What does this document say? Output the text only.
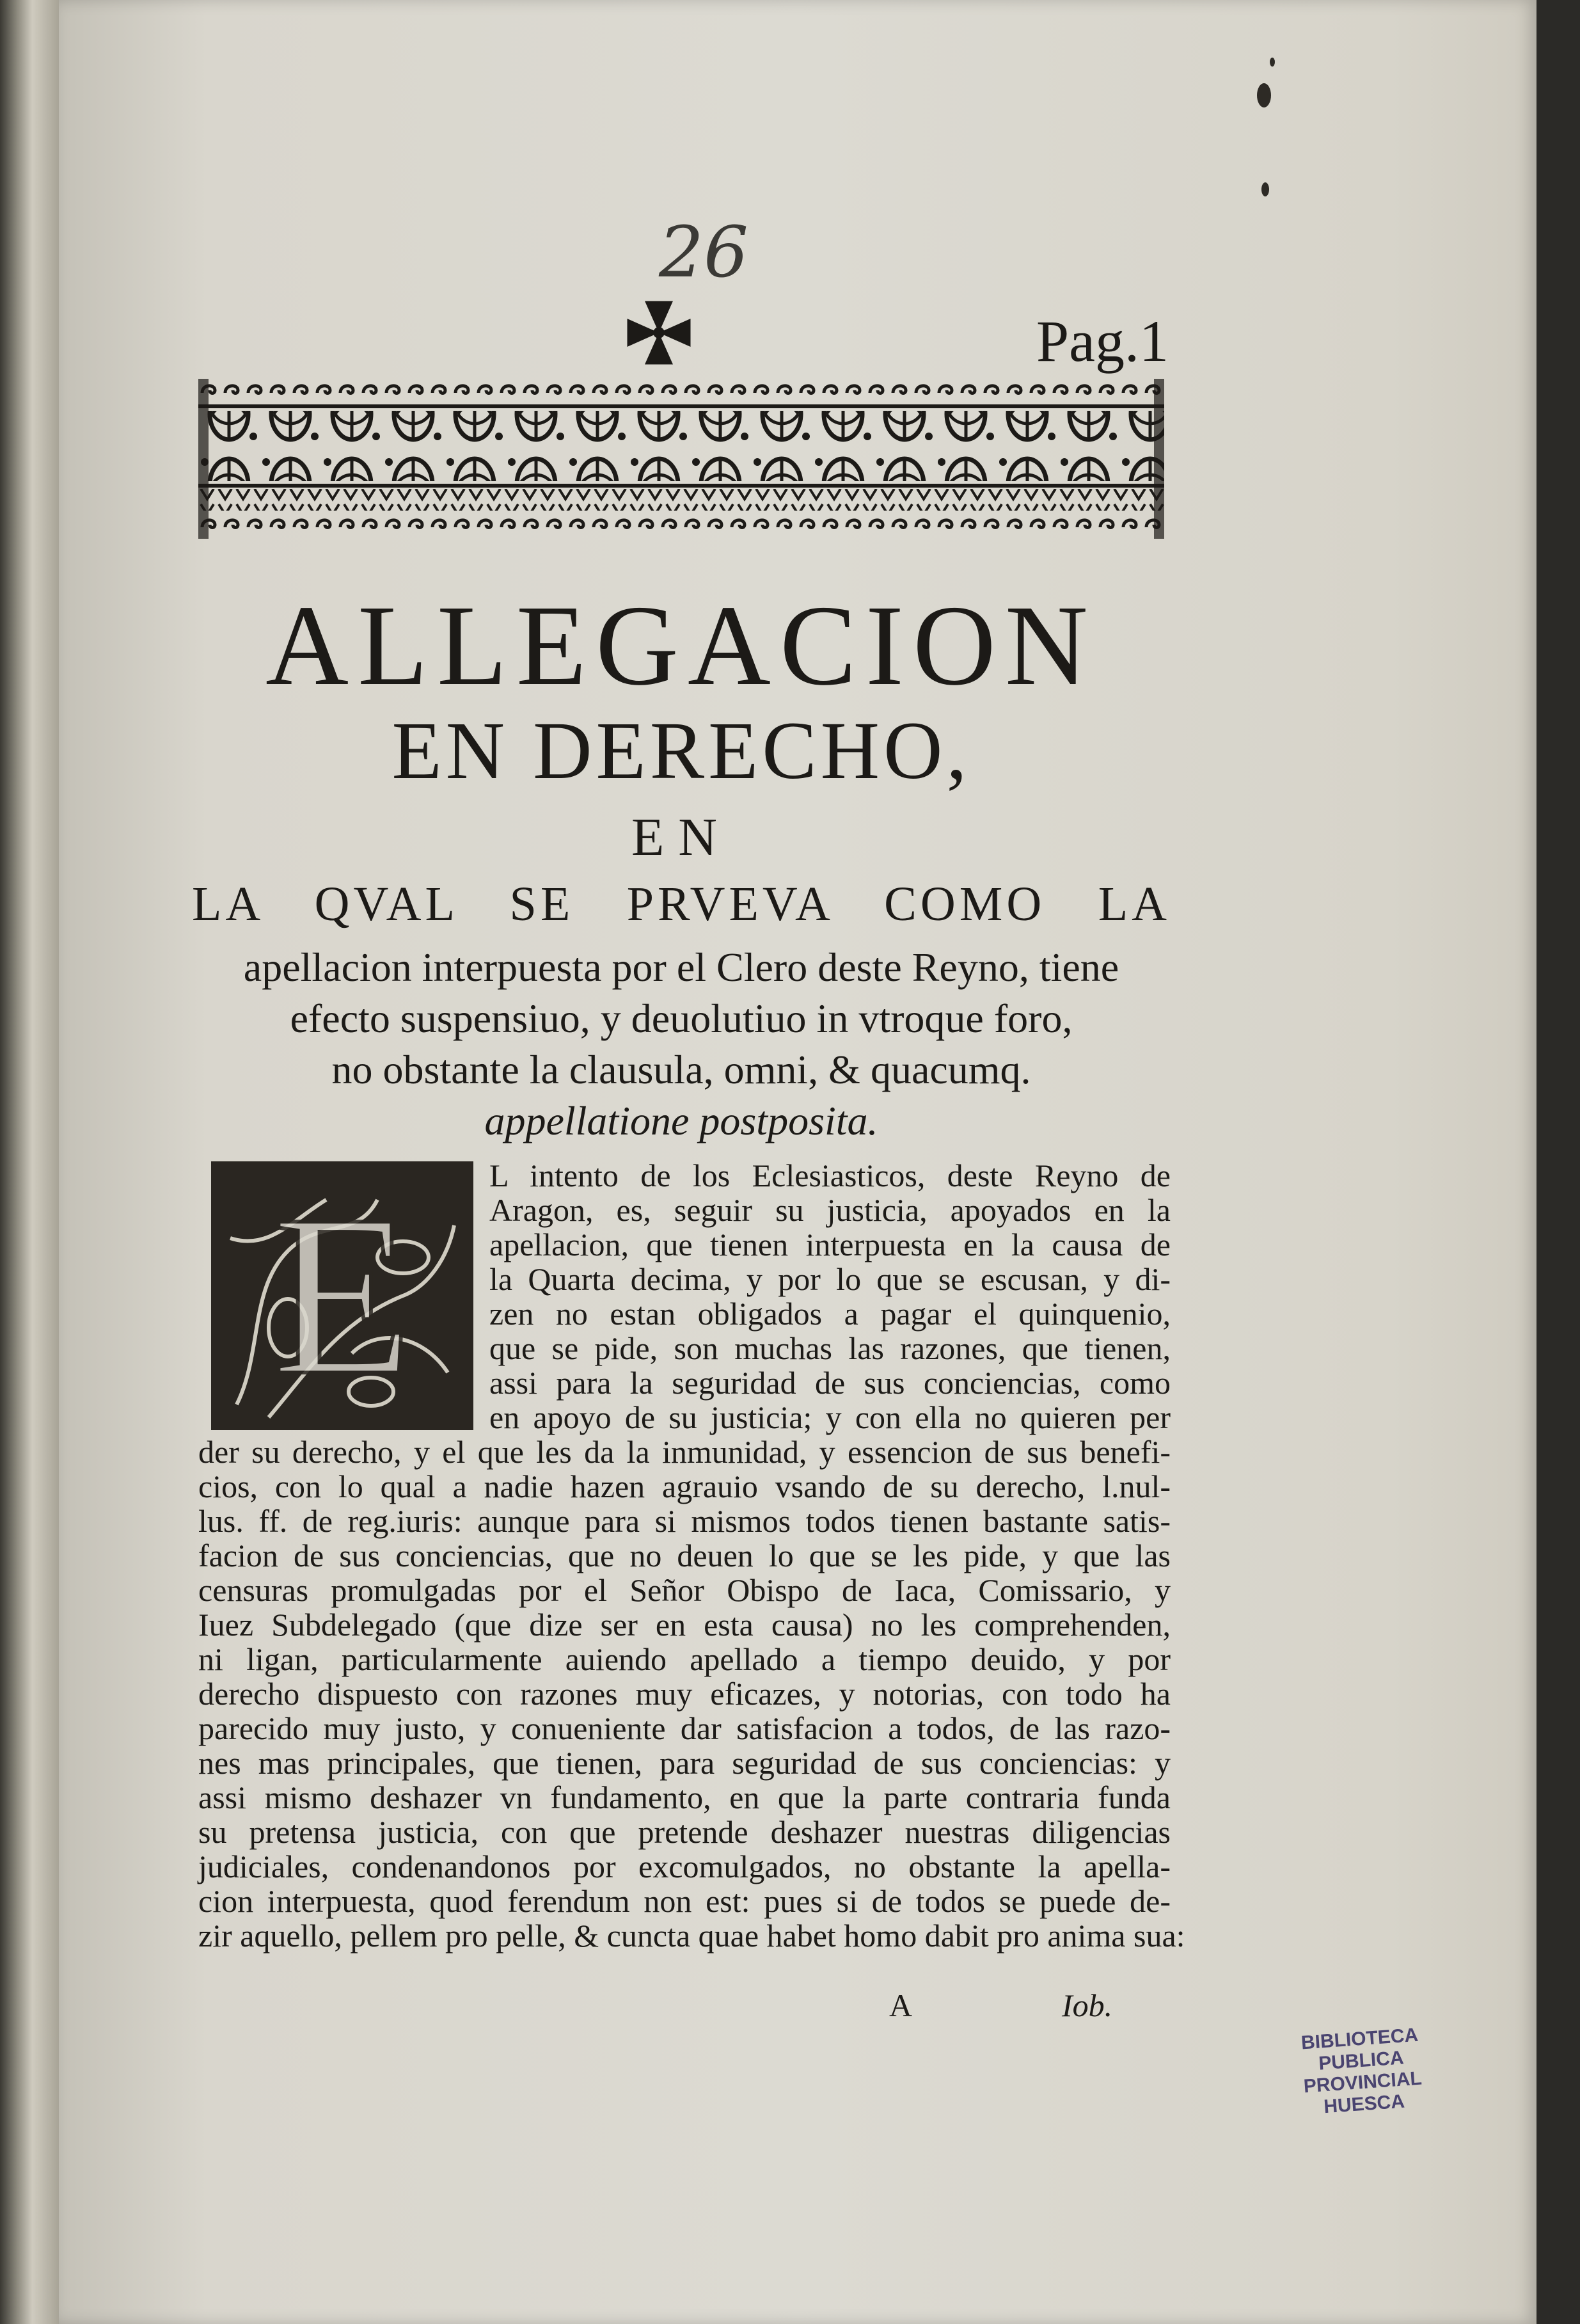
26
Pag.1
ALLEGACION
EN DERECHO,
EN
LA QVAL SE PRVEVA COMO LA
apellacion interpuesta por el Clero deste Reyno, tiene
efecto suspensiuo, y deuolutiuo in vtroque foro,
no obstante la clausula, omni, & quacumq.
appellatione postposita.
E L intento de los Eclesiasticos, deste Reyno de
Aragon, es, seguir su justicia, apoyados en la
apellacion, que tienen interpuesta en la causa de
la Quarta decima, y por lo que se escusan, y di-
zen no estan obligados a pagar el quinquenio,
que se pide, son muchas las razones, que tienen,
assi para la seguridad de sus conciencias, como
en apoyo de su justicia; y con ella no quieren per
der su derecho, y el que les da la inmunidad, y essencion de sus benefi-
cios, con lo qual a nadie hazen agrauio vsando de su derecho, l.nul-
lus. ff. de reg.iuris: aunque para si mismos todos tienen bastante satis-
facion de sus conciencias, que no deuen lo que se les pide, y que las
censuras promulgadas por el Señor Obispo de Iaca, Comissario, y
Iuez Subdelegado (que dize ser en esta causa) no les comprehenden,
ni ligan, particularmente auiendo apellado a tiempo deuido, y por
derecho dispuesto con razones muy eficazes, y notorias, con todo ha
parecido muy justo, y conueniente dar satisfacion a todos, de las razo-
nes mas principales, que tienen, para seguridad de sus conciencias: y
assi mismo deshazer vn fundamento, en que la parte contraria funda
su pretensa justicia, con que pretende deshazer nuestras diligencias
judiciales, condenandonos por excomulgados, no obstante la apella-
cion interpuesta, quod ferendum non est: pues si de todos se puede de-
zir aquello, pellem pro pelle, & cuncta quae habet homo dabit pro anima sua:
A	Iob.
BIBLIOTECA
PUBLICA
PROVINCIAL
HUESCA
